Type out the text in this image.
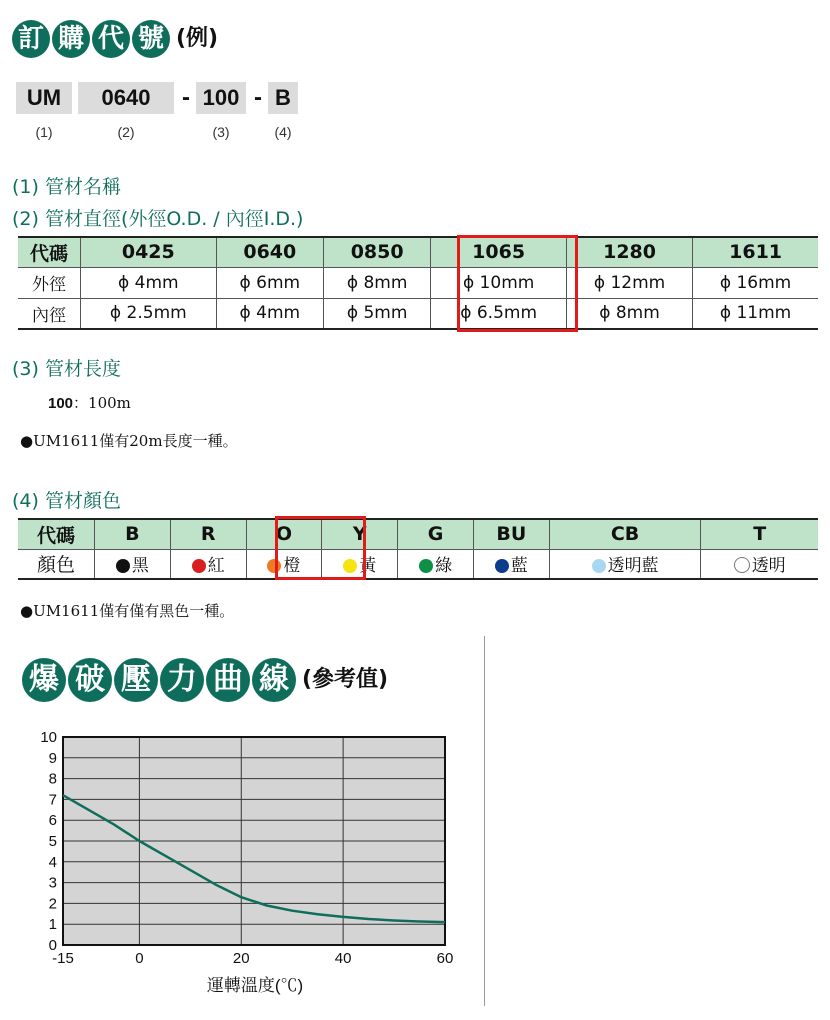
訂 購 代 號 (例)
UM	0640	- 100 - B
(1)	(2)	(3)	(4)
(1) 管材名稱
(2) 管材直徑(外徑O.D. / 內徑I.D.)
代碼	0425	0640	0850	1065	1280	1611
外徑	ϕ 4mm	ϕ 6mm	ϕ 8mm	ϕ 10mm	ϕ 12mm	ϕ 16mm
內徑	ϕ 2.5mm	ϕ 4mm	ϕ 5mm	ϕ 6.5mm	ϕ 8mm	ϕ 11mm
(3) 管材長度
100：100m
●UM1611僅有20m長度一種。
(4) 管材顏色
代碼	B	R	O	Y	G	BU	CB	T
顏色	黑	紅	橙	黃	綠	藍	透明藍	透明
●UM1611僅有僅有黑色一種。
爆 破 壓 力 曲 線 (參考值)
0
1
2
3
4
5
6
7
8
9
10
-15	0	20	40	60
運轉溫度(℃)
